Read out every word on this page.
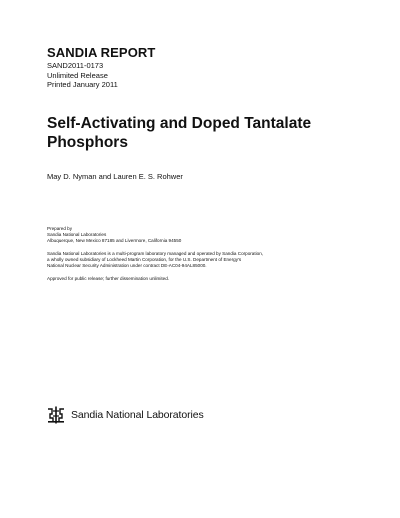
SANDIA REPORT
SAND2011-0173
Unlimited Release
Printed January 2011
Self-Activating and Doped Tantalate
Phosphors
May D. Nyman and Lauren E. S. Rohwer
Prepared by
Sandia National Laboratories
Albuquerque, New Mexico 87185 and Livermore, California 94550
Sandia National Laboratories is a multi-program laboratory managed and operated by Sandia Corporation,
a wholly owned subsidiary of Lockheed Martin Corporation, for the U.S. Department of Energy's
National Nuclear Security Administration under contract DE-AC04-94AL85000.
Approved for public release; further dissemination unlimited.
Sandia National Laboratories
